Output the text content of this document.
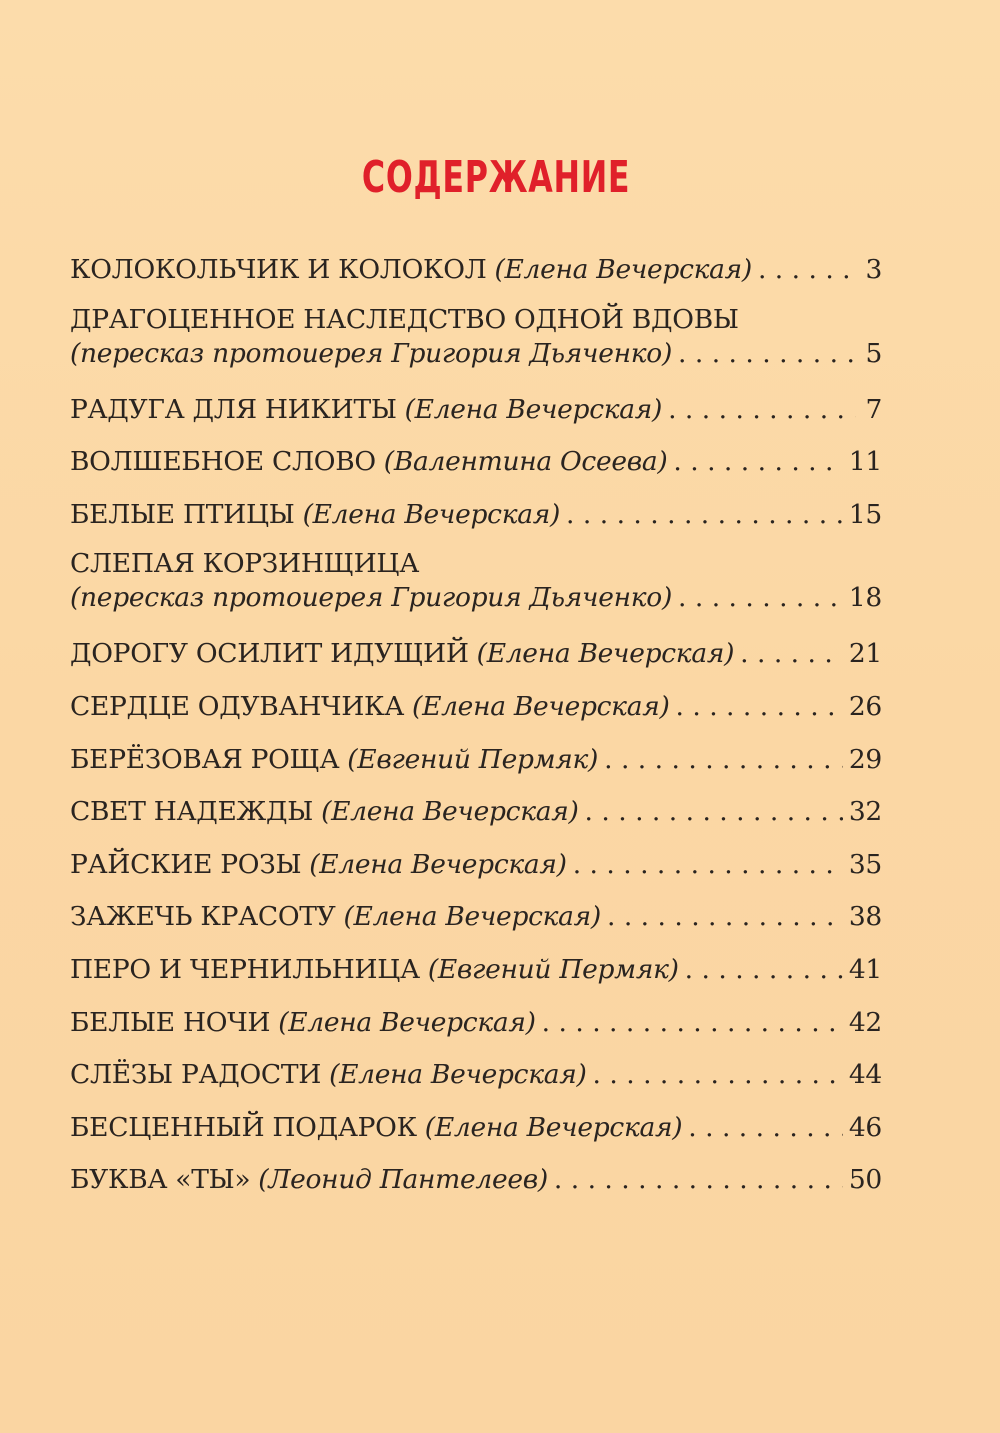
СОДЕРЖАНИЕ
КОЛОКОЛЬЧИК И КОЛОКОЛ (Елена Вечерская) . . .	3
ДРАГОЦЕННОЕ НАСЛЕДСТВО ОДНОЙ ВДОВЫ
(пересказ протоиерея Григория Дьяченко) . . .	5
РАДУГА ДЛЯ НИКИТЫ (Елена Вечерская) . . .	7
ВОЛШЕБНОЕ СЛОВО (Валентина Осеева) . . .	11
БЕЛЫЕ ПТИЦЫ (Елена Вечерская) . . .	15
СЛЕПАЯ КОРЗИНЩИЦА
(пересказ протоиерея Григория Дьяченко) . . .	18
ДОРОГУ ОСИЛИТ ИДУЩИЙ (Елена Вечерская) . . .	21
СЕРДЦЕ ОДУВАНЧИКА (Елена Вечерская) . . .	26
БЕРЁЗОВАЯ РОЩА (Евгений Пермяк) . . .	29
СВЕТ НАДЕЖДЫ (Елена Вечерская) . . .	32
РАЙСКИЕ РОЗЫ (Елена Вечерская) . . .	35
ЗАЖЕЧЬ КРАСОТУ (Елена Вечерская) . . .	38
ПЕРО И ЧЕРНИЛЬНИЦА (Евгений Пермяк) . . .	41
БЕЛЫЕ НОЧИ (Елена Вечерская) . . .	42
СЛЁЗЫ РАДОСТИ (Елена Вечерская) . . .	44
БЕСЦЕННЫЙ ПОДАРОК (Елена Вечерская) . . .	46
БУКВА «ТЫ» (Леонид Пантелеев) . . .	50
